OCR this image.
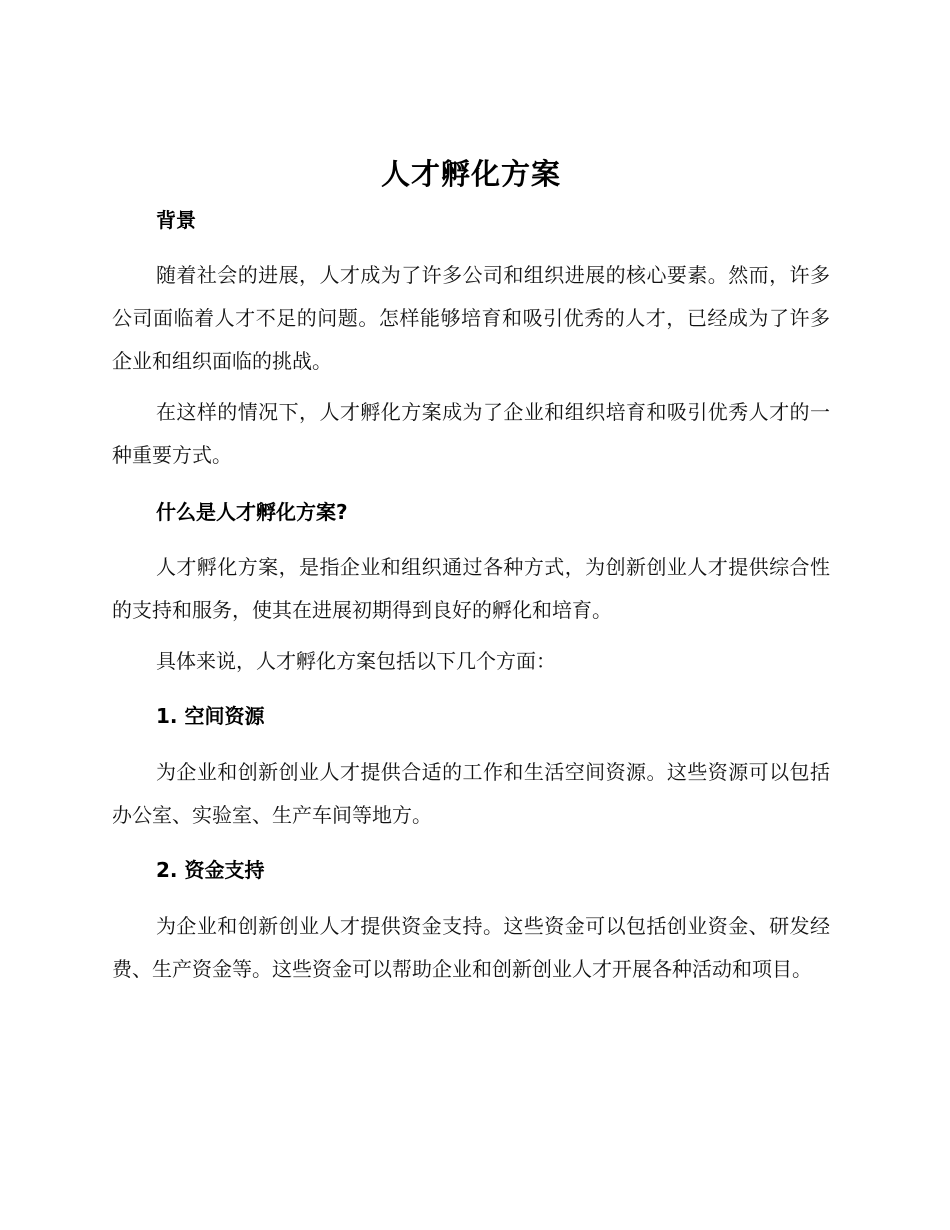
人才孵化方案
背景

随着社会的进展，人才成为了许多公司和组织进展的核心要素。然而，许多公司面临着人才不足的问题。怎样能够培育和吸引优秀的人才，已经成为了许多企业和组织面临的挑战。

在这样的情况下，人才孵化方案成为了企业和组织培育和吸引优秀人才的一种重要方式。

什么是人才孵化方案?

人才孵化方案，是指企业和组织通过各种方式，为创新创业人才提供综合性的支持和服务，使其在进展初期得到良好的孵化和培育。

具体来说，人才孵化方案包括以下几个方面：

1. 空间资源

为企业和创新创业人才提供合适的工作和生活空间资源。这些资源可以包括办公室、实验室、生产车间等地方。

2. 资金支持

为企业和创新创业人才提供资金支持。这些资金可以包括创业资金、研发经费、生产资金等。这些资金可以帮助企业和创新创业人才开展各种活动和项目。
